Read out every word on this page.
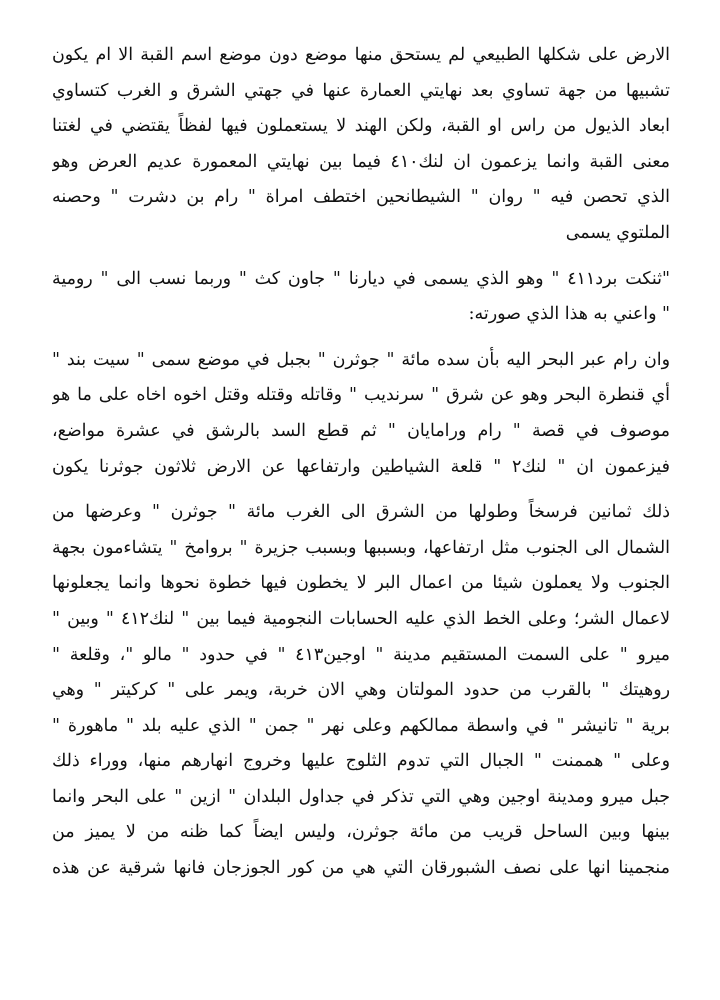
الارض على شكلها الطبيعي لم يستحق منها موضع دون موضع اسم القبة الا ام يكون
تشبيها من جهة تساوي بعد نهايتي العمارة عنها في جهتي الشرق و الغرب كتساوي
ابعاد الذيول من راس او القبة، ولكن الهند لا يستعملون فيها لفظاً يقتضي في لغتنا
معنى القبة وانما يزعمون ان لنك٤١٠ فيما بين نهايتي المعمورة عديم العرض وهو
الذي تحصن فيه " روان " الشيطانحين اختطف امراة " رام بن دشرت " وحصنه
الملتوي يسمى
"ثنكت برد٤١١ " وهو الذي يسمى في ديارنا " جاون كث " وربما نسب الى " رومية
" واعني به هذا الذي صورته:
وان رام عبر البحر اليه بأن سده مائة " جوثرن " بجبل في موضع سمى " سيت بند "
أي قنطرة البحر وهو عن شرق " سرنديب " وقاتله وقتله وقتل اخوه اخاه على ما هو
موصوف في قصة " رام ورامايان " ثم قطع السد بالرشق في عشرة مواضع،
فيزعمون ان " لنك٢ " قلعة الشياطين وارتفاعها عن الارض ثلاثون جوثرنا يكون
ذلك ثمانين فرسخاً وطولها من الشرق الى الغرب مائة " جوثرن " وعرضها من
الشمال الى الجنوب مثل ارتفاعها، وبسببها وبسبب جزيرة " بروامخ " يتشاءمون بجهة
الجنوب ولا يعملون شيئا من اعمال البر لا يخطون فيها خطوة نحوها وانما يجعلونها
لاعمال الشر؛ وعلى الخط الذي عليه الحسابات النجومية فيما بين " لنك٤١٢ " وبين "
ميرو " على السمت المستقيم مدينة " اوجين٤١٣ " في حدود " مالو "، وقلعة "
روهيتك " بالقرب من حدود المولتان وهي الان خربة، ويمر على " كركيتر " وهي
برية " تانيشر " في واسطة ممالكهم وعلى نهر " جمن " الذي عليه بلد " ماهورة "
وعلى " هممنت " الجبال التي تدوم الثلوج عليها وخروج انهارهم منها، ووراء ذلك
جبل ميرو ومدينة اوجين وهي التي تذكر في جداول البلدان " ازين " على البحر وانما
بينها وبين الساحل قريب من مائة جوثرن، وليس ايضاً كما ظنه من لا يميز من
منجمينا انها على نصف الشبورقان التي هي من كور الجوزجان فانها شرقية عن هذه
